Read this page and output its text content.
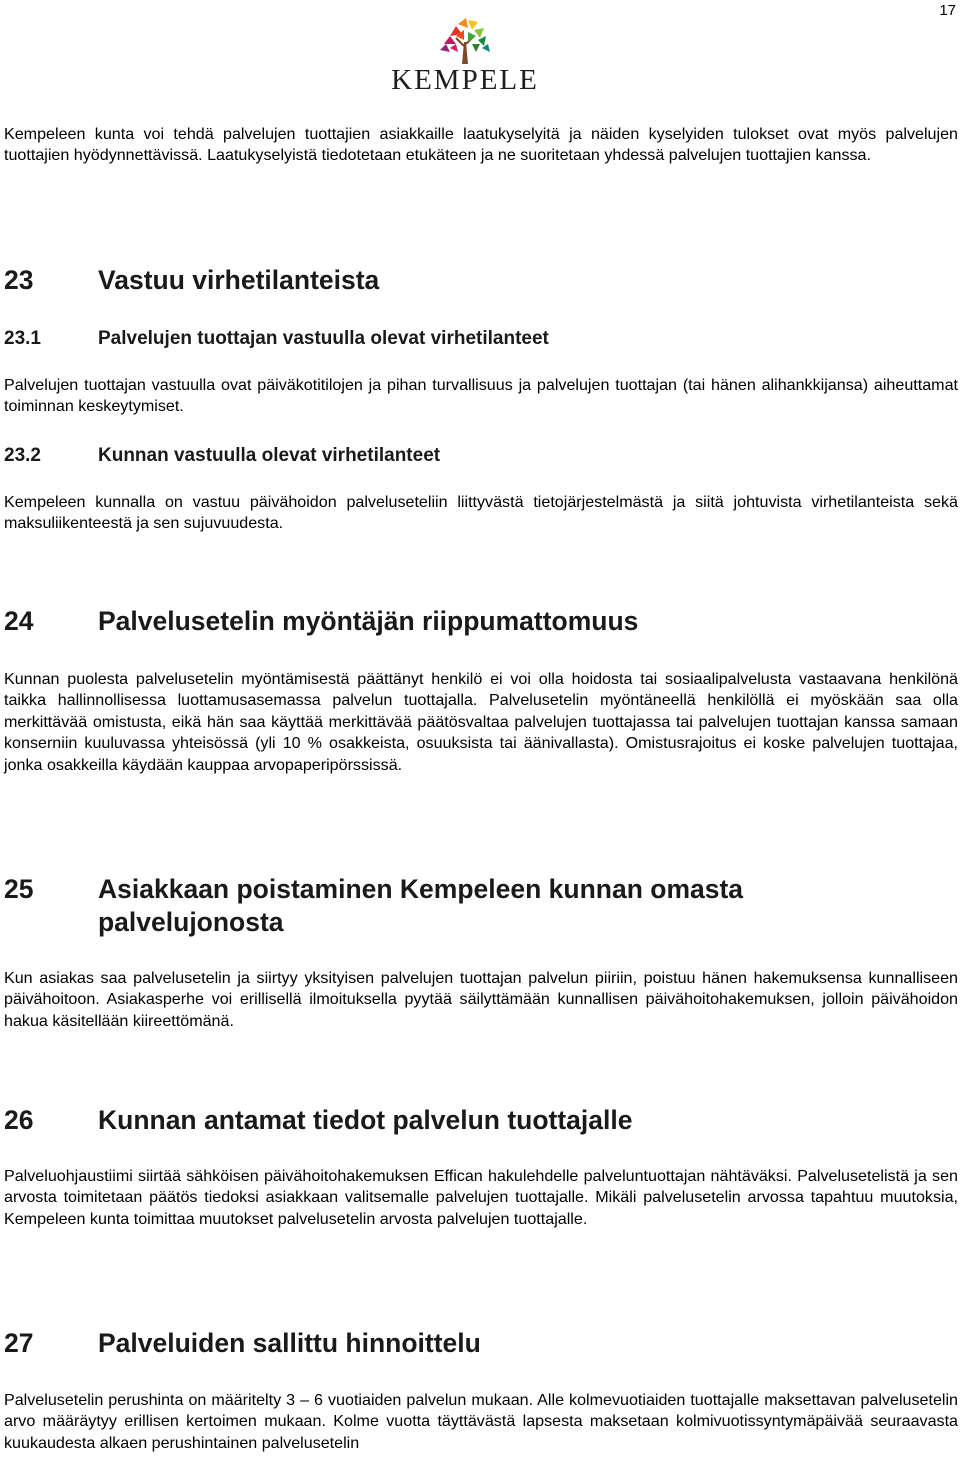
17
KEMPELE

Kempeleen kunta voi tehdä palvelujen tuottajien asiakkaille laatukyselyitä ja näiden kyselyiden tulokset ovat myös palvelujen tuottajien hyödynnettävissä. Laatukyselyistä tiedotetaan etukäteen ja ne suoritetaan yhdessä palvelujen tuottajien kanssa.

23 Vastuu virhetilanteista
23.1	Palvelujen tuottajan vastuulla olevat virhetilanteet

Palvelujen tuottajan vastuulla ovat päiväkotitilojen ja pihan turvallisuus ja palvelujen tuottajan (tai hänen alihankkijansa) aiheuttamat toiminnan keskeytymiset.

23.2	Kunnan vastuulla olevat virhetilanteet

Kempeleen kunnalla on vastuu päivähoidon palveluseteliin liittyvästä tietojärjestelmästä ja siitä johtuvista virhetilanteista sekä maksuliikenteestä ja sen sujuvuudesta.

24 Palvelusetelin myöntäjän riippumattomuus

Kunnan puolesta palvelusetelin myöntämisestä päättänyt henkilö ei voi olla hoidosta tai sosiaalipalvelusta vastaavana henkilönä taikka hallinnollisessa luottamusasemassa palvelun tuottajalla. Palvelusetelin myöntäneellä henkilöllä ei myöskään saa olla merkittävää omistusta, eikä hän saa käyttää merkittävää päätösvaltaa palvelujen tuottajassa tai palvelujen tuottajan kanssa samaan konserniin kuuluvassa yhteisössä (yli 10 % osakkeista, osuuksista tai äänivallasta). Omistusrajoitus ei koske palvelujen tuottajaa, jonka osakkeilla käydään kauppaa arvopaperipörssissä.

25 Asiakkaan poistaminen Kempeleen kunnan omasta palvelujonosta

Kun asiakas saa palvelusetelin ja siirtyy yksityisen palvelujen tuottajan palvelun piiriin, poistuu hänen hakemuksensa kunnalliseen päivähoitoon. Asiakasperhe voi erillisellä ilmoituksella pyytää säilyttämään kunnallisen päivähoitohakemuksen, jolloin päivähoidon hakua käsitellään kiireettömänä.

26 Kunnan antamat tiedot palvelun tuottajalle

Palveluohjaustiimi siirtää sähköisen päivähoitohakemuksen Effican hakulehdelle palveluntuottajan nähtäväksi. Palvelusetelistä ja sen arvosta toimitetaan päätös tiedoksi asiakkaan valitsemalle palvelujen tuottajalle. Mikäli palvelusetelin arvossa tapahtuu muutoksia, Kempeleen kunta toimittaa muutokset palvelusetelin arvosta palvelujen tuottajalle.

27 Palveluiden sallittu hinnoittelu

Palvelusetelin perushinta on määritelty 3 – 6 vuotiaiden palvelun mukaan. Alle kolmevuotiaiden tuottajalle maksettavan palvelusetelin arvo määräytyy erillisen kertoimen mukaan. Kolme vuotta täyttävästä lapsesta maksetaan kolmivuotissyntymäpäivää seuraavasta kuukaudesta alkaen perushintainen palvelusetelin
